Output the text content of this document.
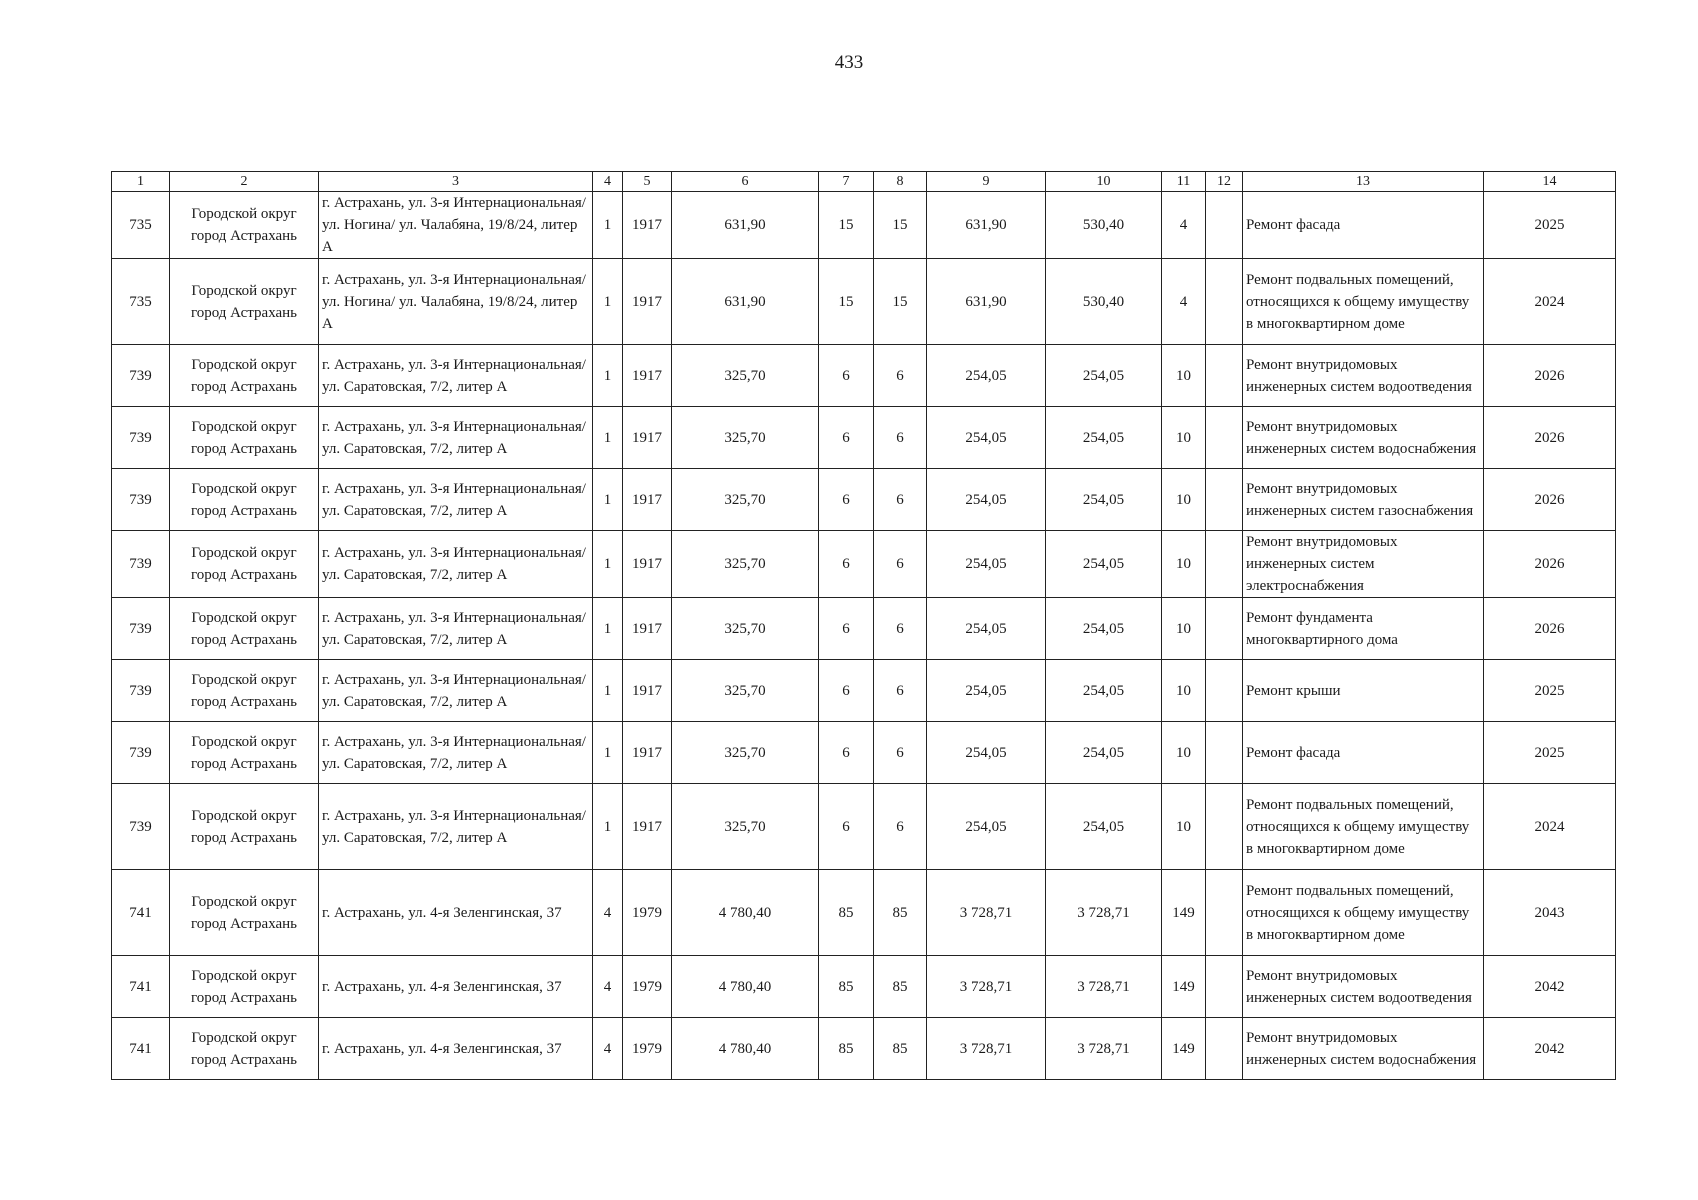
433
1	2	3	4	5	6	7	8	9	10	11	12	13	14
735	Городской округ город Астрахань	г. Астрахань, ул. 3-я Интернациональная/ ул. Ногина/ ул. Чалабяна, 19/8/24, литер А	1	1917	631,90	15	15	631,90	530,40	4		Ремонт фасада	2025
735	Городской округ город Астрахань	г. Астрахань, ул. 3-я Интернациональная/ ул. Ногина/ ул. Чалабяна, 19/8/24, литер А	1	1917	631,90	15	15	631,90	530,40	4		Ремонт подвальных помещений, относящихся к общему имуществу в многоквартирном доме	2024
739	Городской округ город Астрахань	г. Астрахань, ул. 3-я Интернациональная/ ул. Саратовская, 7/2, литер А	1	1917	325,70	6	6	254,05	254,05	10		Ремонт внутридомовых инженерных систем водоотведения	2026
739	Городской округ город Астрахань	г. Астрахань, ул. 3-я Интернациональная/ ул. Саратовская, 7/2, литер А	1	1917	325,70	6	6	254,05	254,05	10		Ремонт внутридомовых инженерных систем водоснабжения	2026
739	Городской округ город Астрахань	г. Астрахань, ул. 3-я Интернациональная/ ул. Саратовская, 7/2, литер А	1	1917	325,70	6	6	254,05	254,05	10		Ремонт внутридомовых инженерных систем газоснабжения	2026
739	Городской округ город Астрахань	г. Астрахань, ул. 3-я Интернациональная/ ул. Саратовская, 7/2, литер А	1	1917	325,70	6	6	254,05	254,05	10		Ремонт внутридомовых инженерных систем электроснабжения	2026
739	Городской округ город Астрахань	г. Астрахань, ул. 3-я Интернациональная/ ул. Саратовская, 7/2, литер А	1	1917	325,70	6	6	254,05	254,05	10		Ремонт фундамента многоквартирного дома	2026
739	Городской округ город Астрахань	г. Астрахань, ул. 3-я Интернациональная/ ул. Саратовская, 7/2, литер А	1	1917	325,70	6	6	254,05	254,05	10		Ремонт крыши	2025
739	Городской округ город Астрахань	г. Астрахань, ул. 3-я Интернациональная/ ул. Саратовская, 7/2, литер А	1	1917	325,70	6	6	254,05	254,05	10		Ремонт фасада	2025
739	Городской округ город Астрахань	г. Астрахань, ул. 3-я Интернациональная/ ул. Саратовская, 7/2, литер А	1	1917	325,70	6	6	254,05	254,05	10		Ремонт подвальных помещений, относящихся к общему имуществу в многоквартирном доме	2024
741	Городской округ город Астрахань	г. Астрахань, ул. 4-я Зеленгинская, 37	4	1979	4 780,40	85	85	3 728,71	3 728,71	149		Ремонт подвальных помещений, относящихся к общему имуществу в многоквартирном доме	2043
741	Городской округ город Астрахань	г. Астрахань, ул. 4-я Зеленгинская, 37	4	1979	4 780,40	85	85	3 728,71	3 728,71	149		Ремонт внутридомовых инженерных систем водоотведения	2042
741	Городской округ город Астрахань	г. Астрахань, ул. 4-я Зеленгинская, 37	4	1979	4 780,40	85	85	3 728,71	3 728,71	149		Ремонт внутридомовых инженерных систем водоснабжения	2042
